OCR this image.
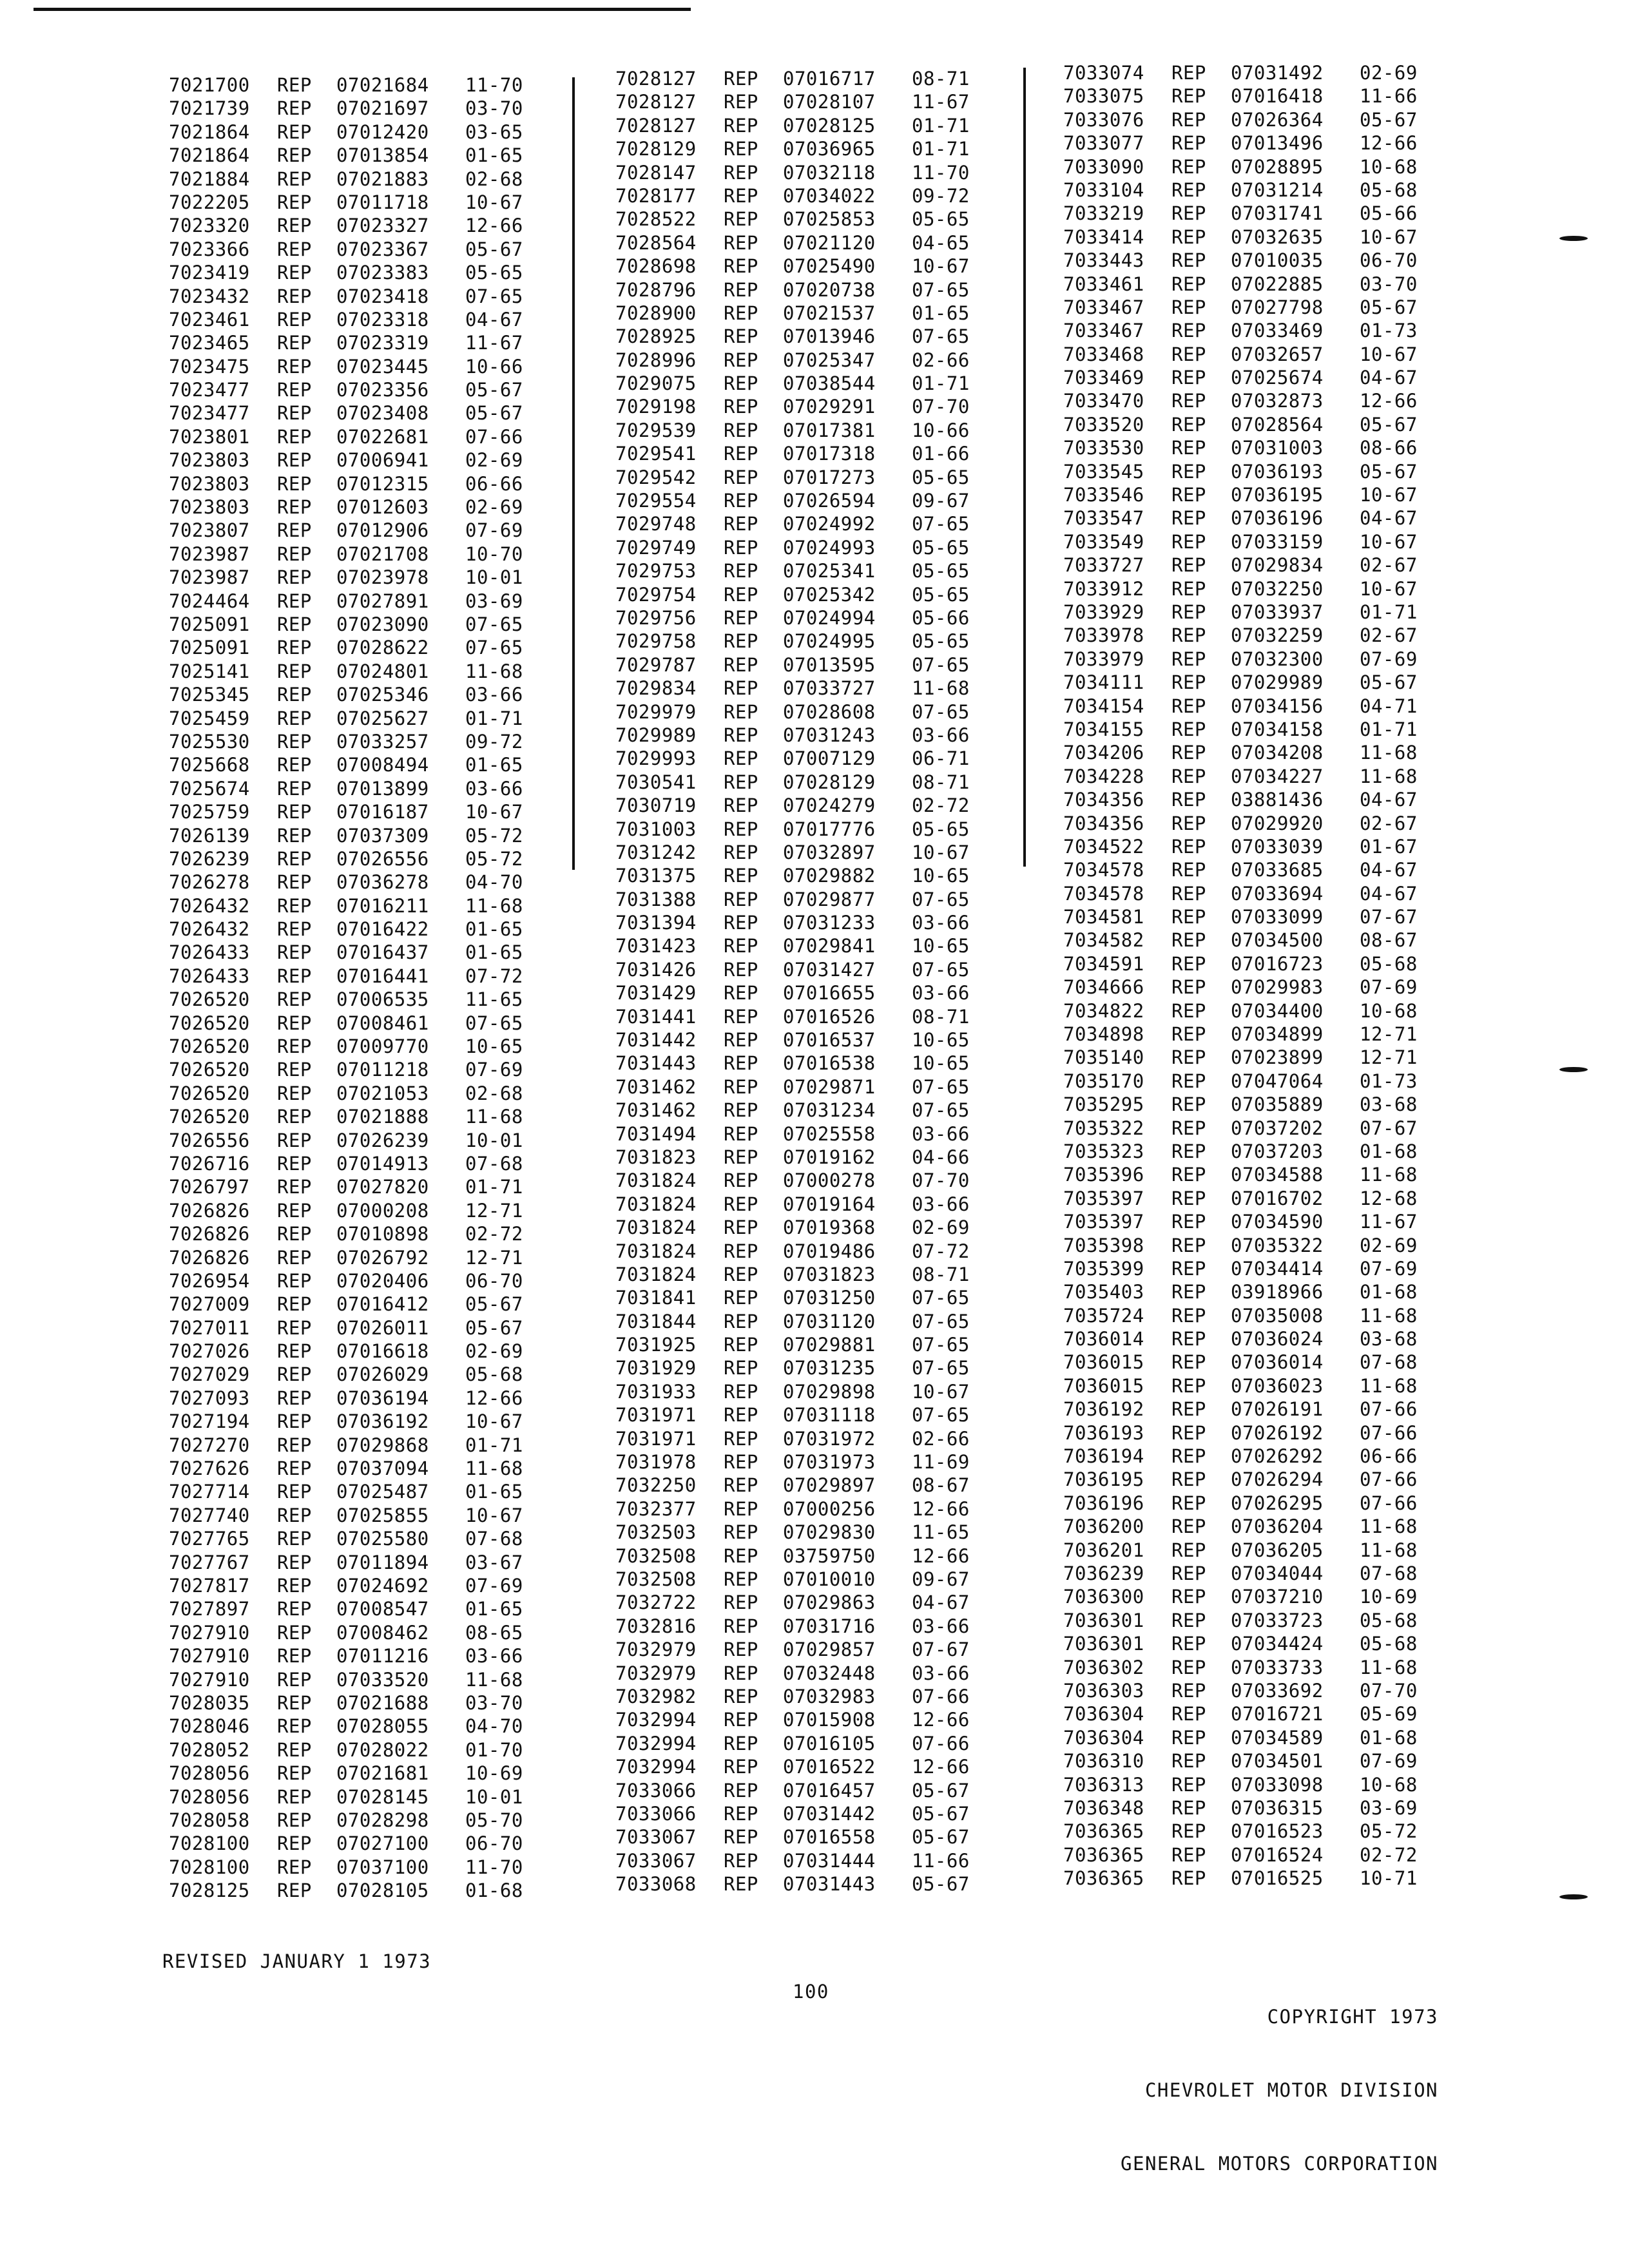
7021700 REP 07021684 11-70
7021739 REP 07021697 03-70
7021864 REP 07012420 03-65
7021864 REP 07013854 01-65
7021884 REP 07021883 02-68
7022205 REP 07011718 10-67
7023320 REP 07023327 12-66
7023366 REP 07023367 05-67
7023419 REP 07023383 05-65
7023432 REP 07023418 07-65
7023461 REP 07023318 04-67
7023465 REP 07023319 11-67
7023475 REP 07023445 10-66
7023477 REP 07023356 05-67
7023477 REP 07023408 05-67
7023801 REP 07022681 07-66
7023803 REP 07006941 02-69
7023803 REP 07012315 06-66
7023803 REP 07012603 02-69
7023807 REP 07012906 07-69
7023987 REP 07021708 10-70
7023987 REP 07023978 10-01
7024464 REP 07027891 03-69
7025091 REP 07023090 07-65
7025091 REP 07028622 07-65
7025141 REP 07024801 11-68
7025345 REP 07025346 03-66
7025459 REP 07025627 01-71
7025530 REP 07033257 09-72
7025668 REP 07008494 01-65
7025674 REP 07013899 03-66
7025759 REP 07016187 10-67
7026139 REP 07037309 05-72
7026239 REP 07026556 05-72
7026278 REP 07036278 04-70
7026432 REP 07016211 11-68
7026432 REP 07016422 01-65
7026433 REP 07016437 01-65
7026433 REP 07016441 07-72
7026520 REP 07006535 11-65
7026520 REP 07008461 07-65
7026520 REP 07009770 10-65
7026520 REP 07011218 07-69
7026520 REP 07021053 02-68
7026520 REP 07021888 11-68
7026556 REP 07026239 10-01
7026716 REP 07014913 07-68
7026797 REP 07027820 01-71
7026826 REP 07000208 12-71
7026826 REP 07010898 02-72
7026826 REP 07026792 12-71
7026954 REP 07020406 06-70
7027009 REP 07016412 05-67
7027011 REP 07026011 05-67
7027026 REP 07016618 02-69
7027029 REP 07026029 05-68
7027093 REP 07036194 12-66
7027194 REP 07036192 10-67
7027270 REP 07029868 01-71
7027626 REP 07037094 11-68
7027714 REP 07025487 01-65
7027740 REP 07025855 10-67
7027765 REP 07025580 07-68
7027767 REP 07011894 03-67
7027817 REP 07024692 07-69
7027897 REP 07008547 01-65
7027910 REP 07008462 08-65
7027910 REP 07011216 03-66
7027910 REP 07033520 11-68
7028035 REP 07021688 03-70
7028046 REP 07028055 04-70
7028052 REP 07028022 01-70
7028056 REP 07021681 10-69
7028056 REP 07028145 10-01
7028058 REP 07028298 05-70
7028100 REP 07027100 06-70
7028100 REP 07037100 11-70
7028125 REP 07028105 01-68
7028127 REP 07016717 08-71
7028127 REP 07028107 11-67
7028127 REP 07028125 01-71
7028129 REP 07036965 01-71
7028147 REP 07032118 11-70
7028177 REP 07034022 09-72
7028522 REP 07025853 05-65
7028564 REP 07021120 04-65
7028698 REP 07025490 10-67
7028796 REP 07020738 07-65
7028900 REP 07021537 01-65
7028925 REP 07013946 07-65
7028996 REP 07025347 02-66
7029075 REP 07038544 01-71
7029198 REP 07029291 07-70
7029539 REP 07017381 10-66
7029541 REP 07017318 01-66
7029542 REP 07017273 05-65
7029554 REP 07026594 09-67
7029748 REP 07024992 07-65
7029749 REP 07024993 05-65
7029753 REP 07025341 05-65
7029754 REP 07025342 05-65
7029756 REP 07024994 05-66
7029758 REP 07024995 05-65
7029787 REP 07013595 07-65
7029834 REP 07033727 11-68
7029979 REP 07028608 07-65
7029989 REP 07031243 03-66
7029993 REP 07007129 06-71
7030541 REP 07028129 08-71
7030719 REP 07024279 02-72
7031003 REP 07017776 05-65
7031242 REP 07032897 10-67
7031375 REP 07029882 10-65
7031388 REP 07029877 07-65
7031394 REP 07031233 03-66
7031423 REP 07029841 10-65
7031426 REP 07031427 07-65
7031429 REP 07016655 03-66
7031441 REP 07016526 08-71
7031442 REP 07016537 10-65
7031443 REP 07016538 10-65
7031462 REP 07029871 07-65
7031462 REP 07031234 07-65
7031494 REP 07025558 03-66
7031823 REP 07019162 04-66
7031824 REP 07000278 07-70
7031824 REP 07019164 03-66
7031824 REP 07019368 02-69
7031824 REP 07019486 07-72
7031824 REP 07031823 08-71
7031841 REP 07031250 07-65
7031844 REP 07031120 07-65
7031925 REP 07029881 07-65
7031929 REP 07031235 07-65
7031933 REP 07029898 10-67
7031971 REP 07031118 07-65
7031971 REP 07031972 02-66
7031978 REP 07031973 11-69
7032250 REP 07029897 08-67
7032377 REP 07000256 12-66
7032503 REP 07029830 11-65
7032508 REP 03759750 12-66
7032508 REP 07010010 09-67
7032722 REP 07029863 04-67
7032816 REP 07031716 03-66
7032979 REP 07029857 07-67
7032979 REP 07032448 03-66
7032982 REP 07032983 07-66
7032994 REP 07015908 12-66
7032994 REP 07016105 07-66
7032994 REP 07016522 12-66
7033066 REP 07016457 05-67
7033066 REP 07031442 05-67
7033067 REP 07016558 05-67
7033067 REP 07031444 11-66
7033068 REP 07031443 05-67
7033074 REP 07031492 02-69
7033075 REP 07016418 11-66
7033076 REP 07026364 05-67
7033077 REP 07013496 12-66
7033090 REP 07028895 10-68
7033104 REP 07031214 05-68
7033219 REP 07031741 05-66
7033414 REP 07032635 10-67
7033443 REP 07010035 06-70
7033461 REP 07022885 03-70
7033467 REP 07027798 05-67
7033467 REP 07033469 01-73
7033468 REP 07032657 10-67
7033469 REP 07025674 04-67
7033470 REP 07032873 12-66
7033520 REP 07028564 05-67
7033530 REP 07031003 08-66
7033545 REP 07036193 05-67
7033546 REP 07036195 10-67
7033547 REP 07036196 04-67
7033549 REP 07033159 10-67
7033727 REP 07029834 02-67
7033912 REP 07032250 10-67
7033929 REP 07033937 01-71
7033978 REP 07032259 02-67
7033979 REP 07032300 07-69
7034111 REP 07029989 05-67
7034154 REP 07034156 04-71
7034155 REP 07034158 01-71
7034206 REP 07034208 11-68
7034228 REP 07034227 11-68
7034356 REP 03881436 04-67
7034356 REP 07029920 02-67
7034522 REP 07033039 01-67
7034578 REP 07033685 04-67
7034578 REP 07033694 04-67
7034581 REP 07033099 07-67
7034582 REP 07034500 08-67
7034591 REP 07016723 05-68
7034666 REP 07029983 07-69
7034822 REP 07034400 10-68
7034898 REP 07034899 12-71
7035140 REP 07023899 12-71
7035170 REP 07047064 01-73
7035295 REP 07035889 03-68
7035322 REP 07037202 07-67
7035323 REP 07037203 01-68
7035396 REP 07034588 11-68
7035397 REP 07016702 12-68
7035397 REP 07034590 11-67
7035398 REP 07035322 02-69
7035399 REP 07034414 07-69
7035403 REP 03918966 01-68
7035724 REP 07035008 11-68
7036014 REP 07036024 03-68
7036015 REP 07036014 07-68
7036015 REP 07036023 11-68
7036192 REP 07026191 07-66
7036193 REP 07026192 07-66
7036194 REP 07026292 06-66
7036195 REP 07026294 07-66
7036196 REP 07026295 07-66
7036200 REP 07036204 11-68
7036201 REP 07036205 11-68
7036239 REP 07034044 07-68
7036300 REP 07037210 10-69
7036301 REP 07033723 05-68
7036301 REP 07034424 05-68
7036302 REP 07033733 11-68
7036303 REP 07033692 07-70
7036304 REP 07016721 05-69
7036304 REP 07034589 01-68
7036310 REP 07034501 07-69
7036313 REP 07033098 10-68
7036348 REP 07036315 03-69
7036365 REP 07016523 05-72
7036365 REP 07016524 02-72
7036365 REP 07016525 10-71
REVISED JANUARY 1 1973
100

COPYRIGHT 1973

CHEVROLET MOTOR DIVISION

GENERAL MOTORS CORPORATION
